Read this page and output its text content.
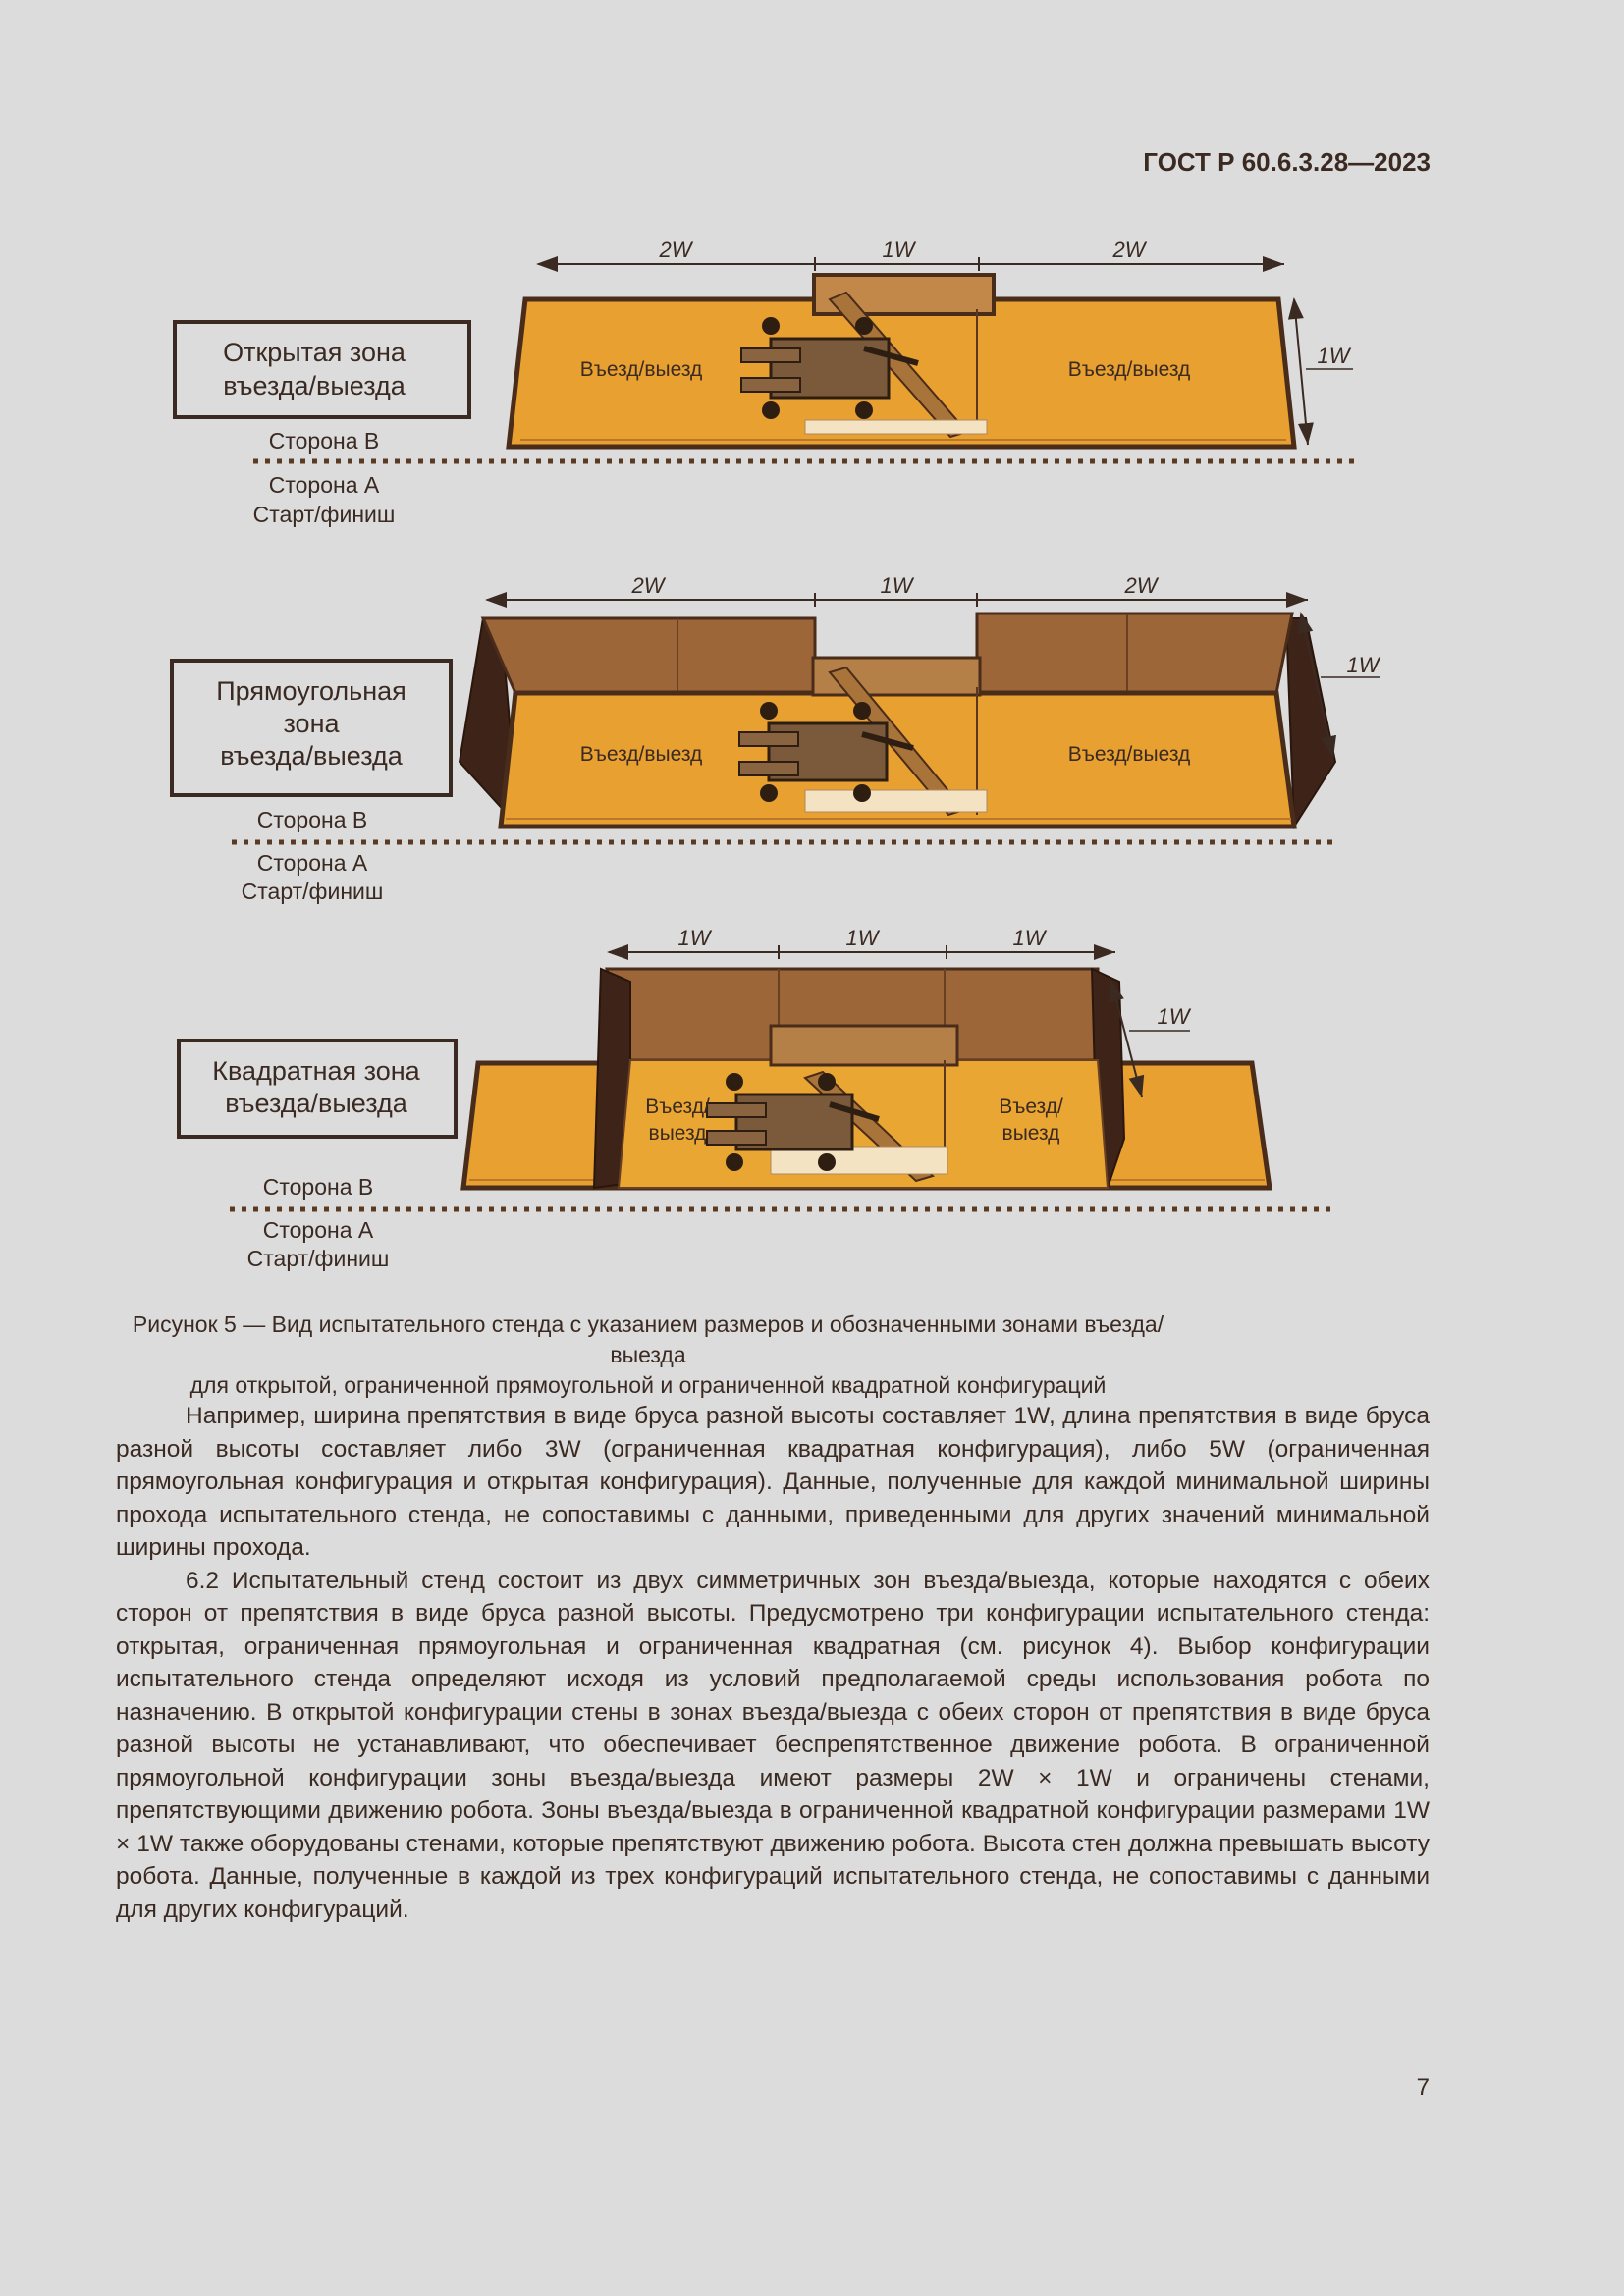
ГОСТ Р 60.6.3.28—2023
2W	1W	2W
Въезд/выезд	Въезд/выезд
1W
Открытая зона
въезда/выезда
Сторона B
Сторона A
Старт/финиш
2W	1W	2W
Въезд/выезд	Въезд/выезд
1W
Прямоугольная
зона
въезда/выезда
Сторона B
Сторона A
Старт/финиш
1W	1W	1W
Въезд/
выезд
Въезд/
выезд
1W
Квадратная зона
въезда/выезда
Сторона B
Сторона A
Старт/финиш
Рисунок 5 — Вид испытательного стенда с указанием размеров и обозначенными зонами въезда/выезда
для открытой, ограниченной прямоугольной и ограниченной квадратной конфигураций

Например, ширина препятствия в виде бруса разной высоты составляет 1W, длина препятствия в виде бруса разной высоты составляет либо 3W (ограниченная квадратная конфигурация), либо 5W (ограниченная прямоугольная конфигурация и открытая конфигурация). Данные, полученные для каждой минимальной ширины прохода испытательного стенда, не сопоставимы с данными, приведенными для других значений минимальной ширины прохода.

6.2 Испытательный стенд состоит из двух симметричных зон въезда/выезда, которые находятся с обеих сторон от препятствия в виде бруса разной высоты. Предусмотрено три конфигурации испытательного стенда: открытая, ограниченная прямоугольная и ограниченная квадратная (см. рисунок 4). Выбор конфигурации испытательного стенда определяют исходя из условий предполагаемой среды использования робота по назначению. В открытой конфигурации стены в зонах въезда/выезда с обеих сторон от препятствия в виде бруса разной высоты не устанавливают, что обеспечивает беспрепятственное движение робота. В ограниченной прямоугольной конфигурации зоны въезда/выезда имеют размеры 2W × 1W и ограничены стенами, препятствующими движению робота. Зоны въезда/выезда в ограниченной квадратной конфигурации размерами 1W × 1W также оборудованы стенами, которые препятствуют движению робота. Высота стен должна превышать высоту робота. Данные, полученные в каждой из трех конфигураций испытательного стенда, не сопоставимы с данными для других конфигураций.

7
